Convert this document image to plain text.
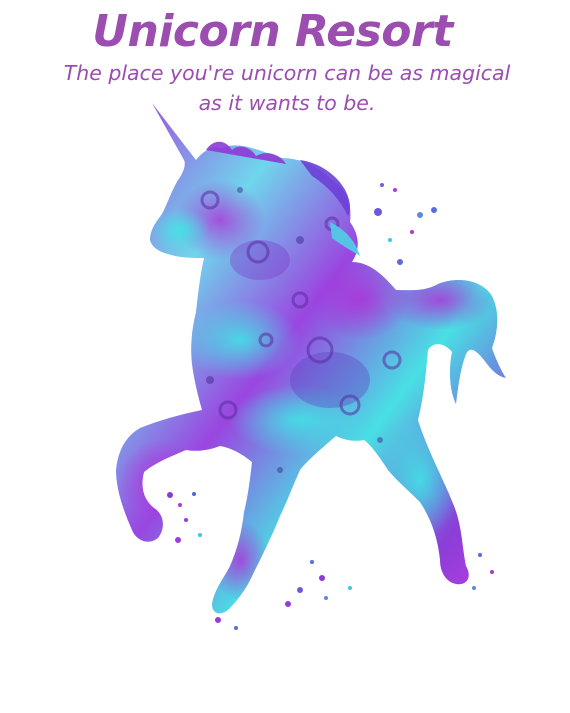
Unicorn Resort

The place you're unicorn can be as magical as it wants to be.
